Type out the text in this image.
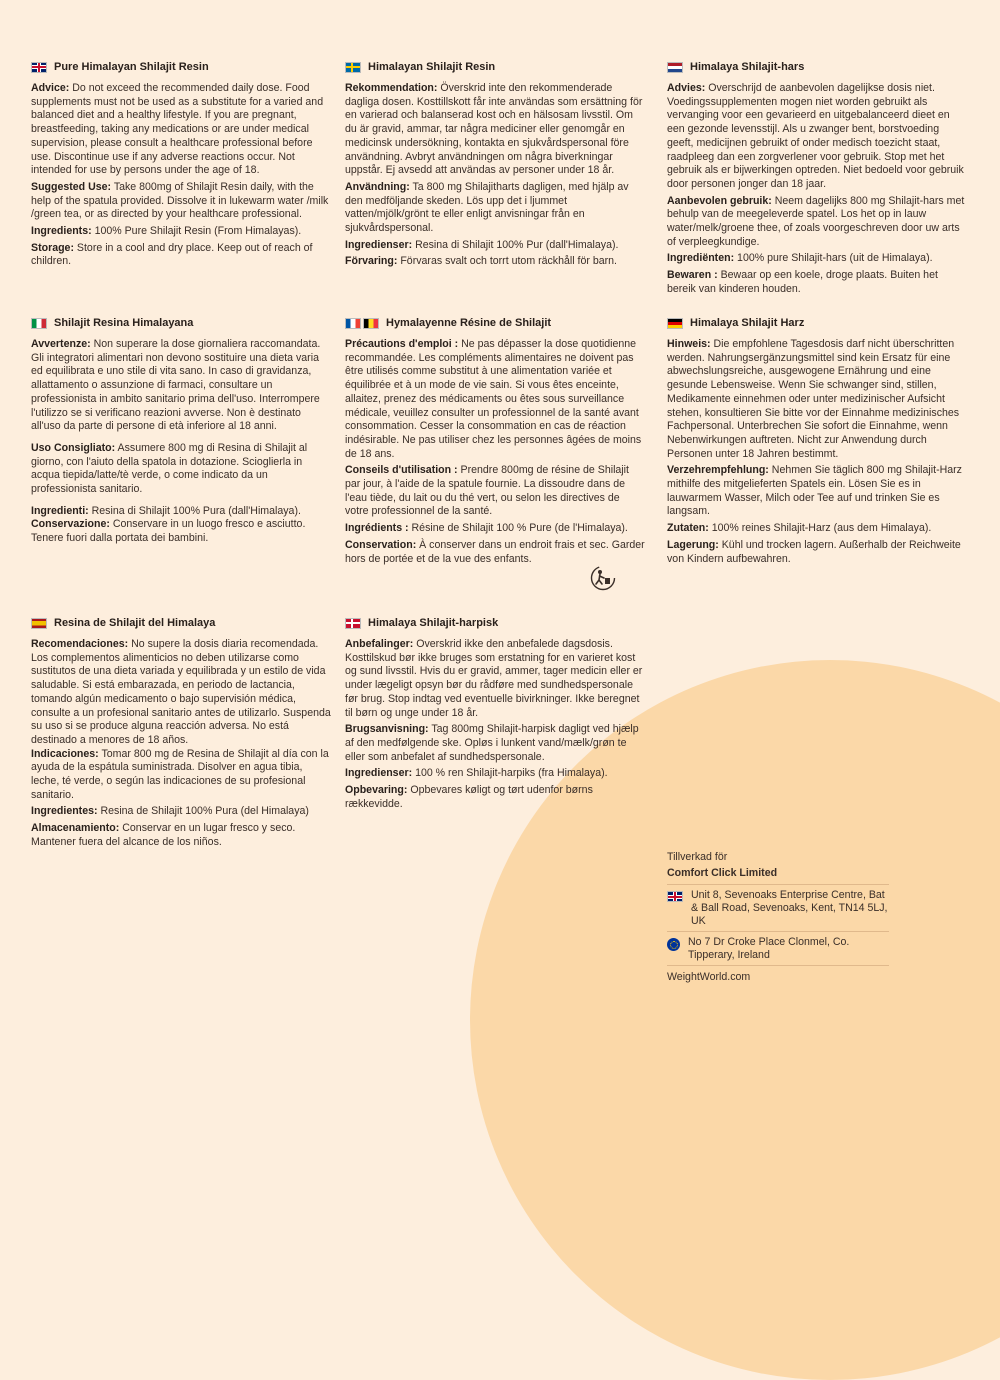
Pure Himalayan Shilajit Resin

Advice: Do not exceed the recommended daily dose. Food supplements must not be used as a substitute for a varied and balanced diet and a healthy lifestyle. If you are pregnant, breastfeeding, taking any medications or are under medical supervision, please consult a healthcare professional before use. Discontinue use if any adverse reactions occur. Not intended for use by persons under the age of 18.

Suggested Use: Take 800mg of Shilajit Resin daily, with the help of the spatula provided. Dissolve it in lukewarm water /milk /green tea, or as directed by your healthcare professional.

Ingredients: 100% Pure Shilajit Resin (From Himalayas).

Storage: Store in a cool and dry place. Keep out of reach of children.

Himalayan Shilajit Resin

Rekommendation: Överskrid inte den rekommenderade dagliga dosen. Kosttillskott får inte användas som ersättning för en varierad och balanserad kost och en hälsosam livsstil. Om du är gravid, ammar, tar några mediciner eller genomgår en medicinsk undersökning, kontakta en sjukvårdspersonal före användning. Avbryt användningen om några biverkningar uppstår. Ej avsedd att användas av personer under 18 år.

Användning: Ta 800 mg Shilajitharts dagligen, med hjälp av den medföljande skeden. Lös upp det i ljummet vatten/mjölk/grönt te eller enligt anvisningar från en sjukvårdspersonal.

Ingredienser: Resina di Shilajit 100% Pur (dall'Himalaya).

Förvaring: Förvaras svalt och torrt utom räckhåll för barn.

Himalaya Shilajit-hars

Advies: Overschrijd de aanbevolen dagelijkse dosis niet. Voedingssupplementen mogen niet worden gebruikt als vervanging voor een gevarieerd en uitgebalanceerd dieet en een gezonde levensstijl. Als u zwanger bent, borstvoeding geeft, medicijnen gebruikt of onder medisch toezicht staat, raadpleeg dan een zorgverlener voor gebruik. Stop met het gebruik als er bijwerkingen optreden. Niet bedoeld voor gebruik door personen jonger dan 18 jaar.

Aanbevolen gebruik: Neem dagelijks 800 mg Shilajit-hars met behulp van de meegeleverde spatel. Los het op in lauw water/melk/groene thee, of zoals voorgeschreven door uw arts of verpleegkundige.

Ingrediënten: 100% pure Shilajit-hars (uit de Himalaya).

Bewaren : Bewaar op een koele, droge plaats. Buiten het bereik van kinderen houden.

Shilajit Resina Himalayana

Avvertenze: Non superare la dose giornaliera raccomandata. Gli integratori alimentari non devono sostituire una dieta varia ed equilibrata e uno stile di vita sano. In caso di gravidanza, allattamento o assunzione di farmaci, consultare un professionista in ambito sanitario prima dell'uso. Interrompere l'utilizzo se si verificano reazioni avverse. Non è destinato all'uso da parte di persone di età inferiore al 18 anni.

Uso Consigliato: Assumere 800 mg di Resina di Shilajit al giorno, con l'aiuto della spatola in dotazione. Scioglierla in acqua tiepida/latte/tè verde, o come indicato da un professionista sanitario.

Ingredienti: Resina di Shilajit 100% Pura (dall'Himalaya).

Conservazione: Conservare in un luogo fresco e asciutto. Tenere fuori dalla portata dei bambini.

Hymalayenne Résine de Shilajit

Précautions d'emploi : Ne pas dépasser la dose quotidienne recommandée. Les compléments alimentaires ne doivent pas être utilisés comme substitut à une alimentation variée et équilibrée et à un mode de vie sain. Si vous êtes enceinte, allaitez, prenez des médicaments ou êtes sous surveillance médicale, veuillez consulter un professionnel de la santé avant consommation. Cesser la consommation en cas de réaction indésirable. Ne pas utiliser chez les personnes âgées de moins de 18 ans.

Conseils d'utilisation : Prendre 800mg de résine de Shilajit par jour, à l'aide de la spatule fournie. La dissoudre dans de l'eau tiède, du lait ou du thé vert, ou selon les directives de votre professionnel de la santé.

Ingrédients : Résine de Shilajit 100 % Pure (de l'Himalaya).

Conservation: À conserver dans un endroit frais et sec. Garder hors de portée et de la vue des enfants.

Himalaya Shilajit Harz

Hinweis: Die empfohlene Tagesdosis darf nicht überschritten werden. Nahrungsergänzungsmittel sind kein Ersatz für eine abwechslungsreiche, ausgewogene Ernährung und eine gesunde Lebensweise. Wenn Sie schwanger sind, stillen, Medikamente einnehmen oder unter medizinischer Aufsicht stehen, konsultieren Sie bitte vor der Einnahme medizinisches Fachpersonal. Unterbrechen Sie sofort die Einnahme, wenn Nebenwirkungen auftreten. Nicht zur Anwendung durch Personen unter 18 Jahren bestimmt.

Verzehrempfehlung: Nehmen Sie täglich 800 mg Shilajit-Harz mithilfe des mitgelieferten Spatels ein. Lösen Sie es in lauwarmem Wasser, Milch oder Tee auf und trinken Sie es langsam.

Zutaten: 100% reines Shilajit-Harz (aus dem Himalaya).

Lagerung: Kühl und trocken lagern. Außerhalb der Reichweite von Kindern aufbewahren.

Resina de Shilajit del Himalaya

Recomendaciones: No supere la dosis diaria recomendada. Los complementos alimenticios no deben utilizarse como sustitutos de una dieta variada y equilibrada y un estilo de vida saludable. Si está embarazada, en periodo de lactancia, tomando algún medicamento o bajo supervisión médica, consulte a un profesional sanitario antes de utilizarlo. Suspenda su uso si se produce alguna reacción adversa. No está destinado a menores de 18 años.

Indicaciones: Tomar 800 mg de Resina de Shilajit al día con la ayuda de la espátula suministrada. Disolver en agua tibia, leche, té verde, o según las indicaciones de su profesional sanitario.

Ingredientes: Resina de Shilajit 100% Pura (del Himalaya)

Almacenamiento: Conservar en un lugar fresco y seco. Mantener fuera del alcance de los niños.

Himalaya Shilajit-harpisk

Anbefalinger: Overskrid ikke den anbefalede dagsdosis. Kosttilskud bør ikke bruges som erstatning for en varieret kost og sund livsstil. Hvis du er gravid, ammer, tager medicin eller er under lægeligt opsyn bør du rådføre med sundhedspersonale før brug. Stop indtag ved eventuelle bivirkninger. Ikke beregnet til børn og unge under 18 år.

Brugsanvisning: Tag 800mg Shilajit-harpisk dagligt ved hjælp af den medfølgende ske. Opløs i lunkent vand/mælk/grøn te eller som anbefalet af sundhedspersonale.

Ingredienser: 100 % ren Shilajit-harpiks (fra Himalaya).

Opbevaring: Opbevares køligt og tørt udenfor børns rækkevidde.

Tillverkad för
Comfort Click Limited
Unit 8, Sevenoaks Enterprise Centre, Bat & Ball Road, Sevenoaks, Kent, TN14 5LJ, UK
No 7 Dr Croke Place Clonmel, Co. Tipperary, Ireland
WeightWorld.com
